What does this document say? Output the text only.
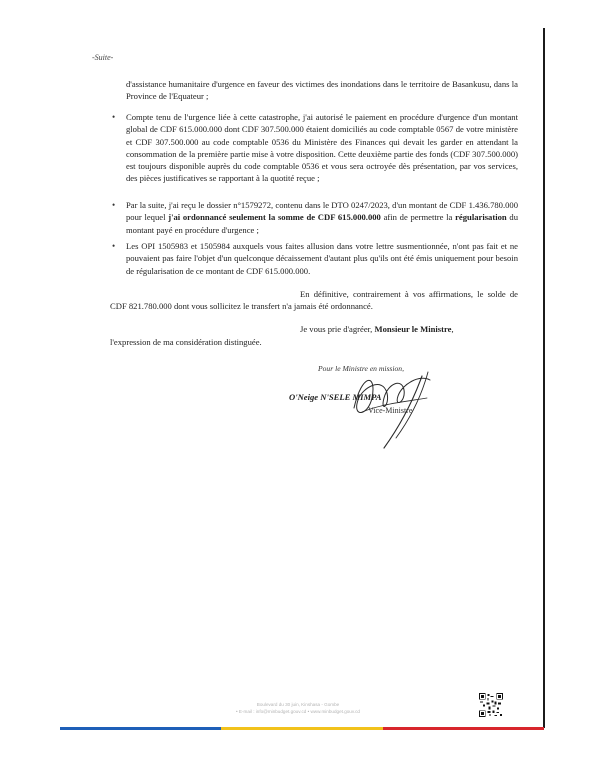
-Suite-
d'assistance humanitaire d'urgence en faveur des victimes des inondations dans le territoire de Basankusu, dans la Province de l'Equateur ;
• Compte tenu de l'urgence liée à cette catastrophe, j'ai autorisé le paiement en procédure d'urgence d'un montant global de CDF 615.000.000 dont CDF 307.500.000 étaient domiciliés au code comptable 0567 de votre ministère et CDF 307.500.000 au code comptable 0536 du Ministère des Finances qui devait les garder en attendant la consommation de la première partie mise à votre disposition. Cette deuxième partie des fonds (CDF 307.500.000) est toujours disponible auprès du code comptable 0536 et vous sera octroyée dès présentation, par vos services, des pièces justificatives se rapportant à la quotité reçue ;
• Par la suite, j'ai reçu le dossier n°1579272, contenu dans le DTO 0247/2023, d'un montant de CDF 1.436.780.000 pour lequel j'ai ordonnancé seulement la somme de CDF 615.000.000 afin de permettre la régularisation du montant payé en procédure d'urgence ;
• Les OPI 1505983 et 1505984 auxquels vous faites allusion dans votre lettre susmentionnée, n'ont pas fait et ne pouvaient pas faire l'objet d'un quelconque décaissement d'autant plus qu'ils ont été émis uniquement pour besoin de régularisation de ce montant de CDF 615.000.000.
En définitive, contrairement à vos affirmations, le solde de CDF 821.780.000 dont vous sollicitez le transfert n'a jamais été ordonnancé.
Je vous prie d'agréer, Monsieur le Ministre,
l'expression de ma considération distinguée.
Pour le Ministre en mission,
O'Neige N'SELE MIMPA
Vice-Ministre
Boulevard du 30 juin, Kinshasa - Gombe
• E-mail : info@minbudget.gouv.cd • www.minbudget.gouv.cd
